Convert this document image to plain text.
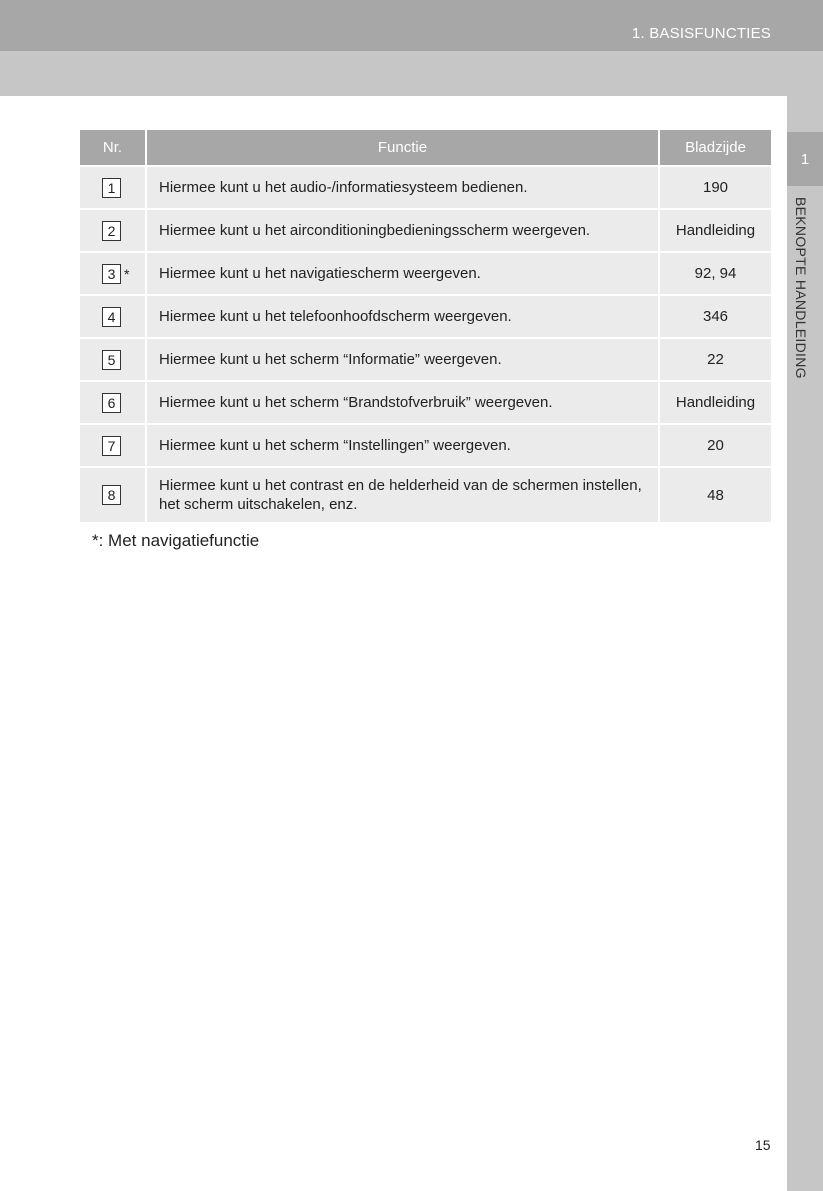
1. BASISFUNCTIES
1
BEKNOPTE HANDLEIDING
Nr.	Functie	Bladzijde
1	Hiermee kunt u het audio-/informatiesysteem bedienen.	190
2	Hiermee kunt u het airconditioningbedieningsscherm weergeven.	Handleiding
3 *	Hiermee kunt u het navigatiescherm weergeven.	92, 94
4	Hiermee kunt u het telefoonhoofdscherm weergeven.	346
5	Hiermee kunt u het scherm “Informatie” weergeven.	22
6	Hiermee kunt u het scherm “Brandstofverbruik” weergeven.	Handleiding
7	Hiermee kunt u het scherm “Instellingen” weergeven.	20
8	Hiermee kunt u het contrast en de helderheid van de schermen instellen, het scherm uitschakelen, enz.	48
*: Met navigatiefunctie
15
